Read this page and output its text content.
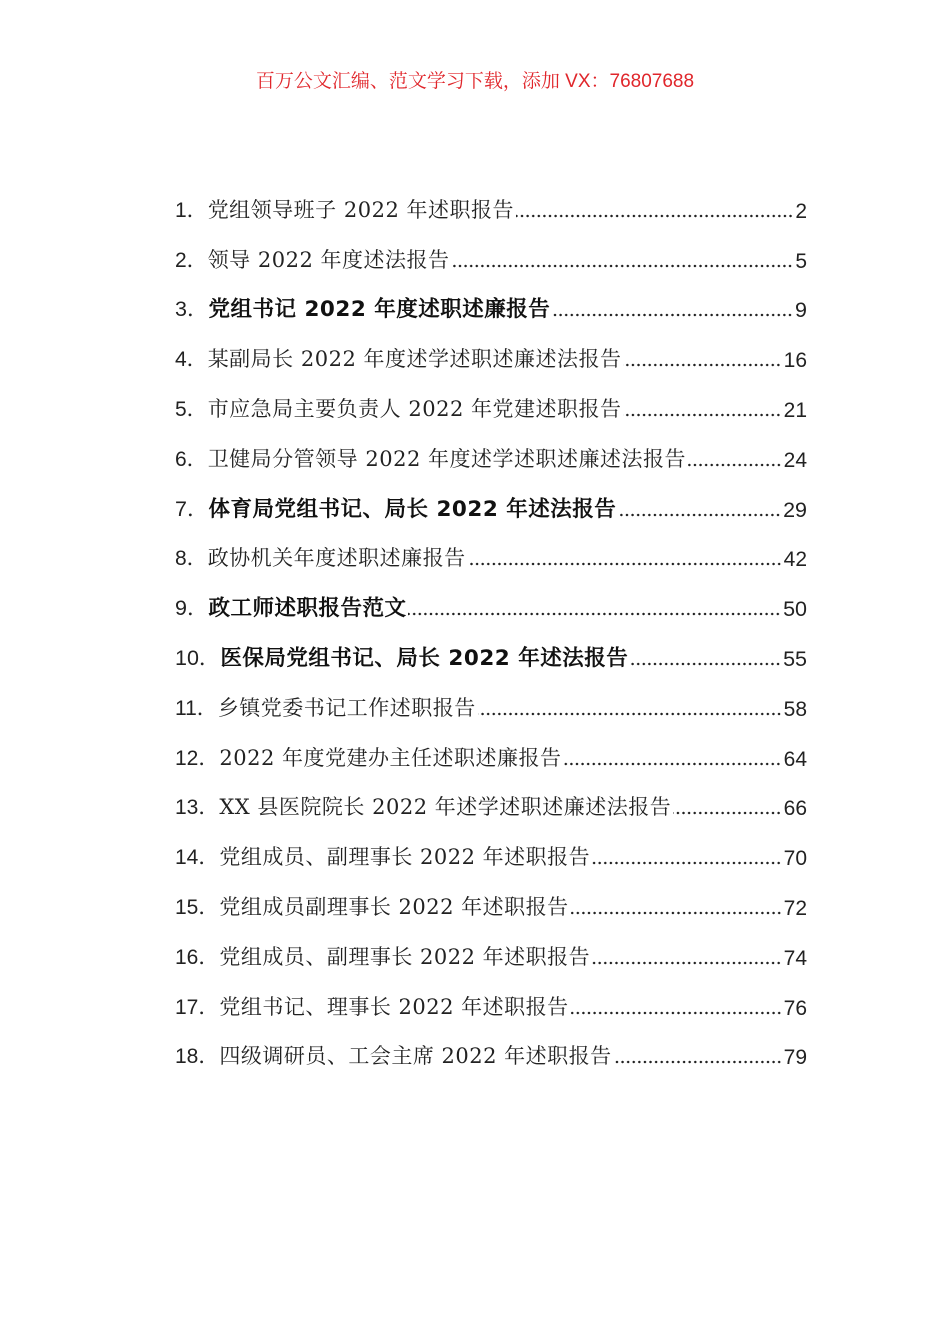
百万公文汇编、范文学习下载，添加 VX：76807688
1． 党组领导班子 2022 年述职报告	2
2． 领导 2022 年度述法报告	5
3． 党组书记 2022 年度述职述廉报告	9
4． 某副局长 2022 年度述学述职述廉述法报告	16
5． 市应急局主要负责人 2022 年党建述职报告	21
6． 卫健局分管领导 2022 年度述学述职述廉述法报告	24
7． 体育局党组书记、局长 2022 年述法报告	29
8． 政协机关年度述职述廉报告	42
9． 政工师述职报告范文	50
10． 医保局党组书记、局长 2022 年述法报告	55
11． 乡镇党委书记工作述职报告	58
12． 2022 年度党建办主任述职述廉报告	64
13． XX 县医院院长 2022 年述学述职述廉述法报告	66
14． 党组成员、副理事长 2022 年述职报告	70
15． 党组成员副理事长 2022 年述职报告	72
16． 党组成员、副理事长 2022 年述职报告	74
17． 党组书记、理事长 2022 年述职报告	76
18． 四级调研员、工会主席 2022 年述职报告	79
